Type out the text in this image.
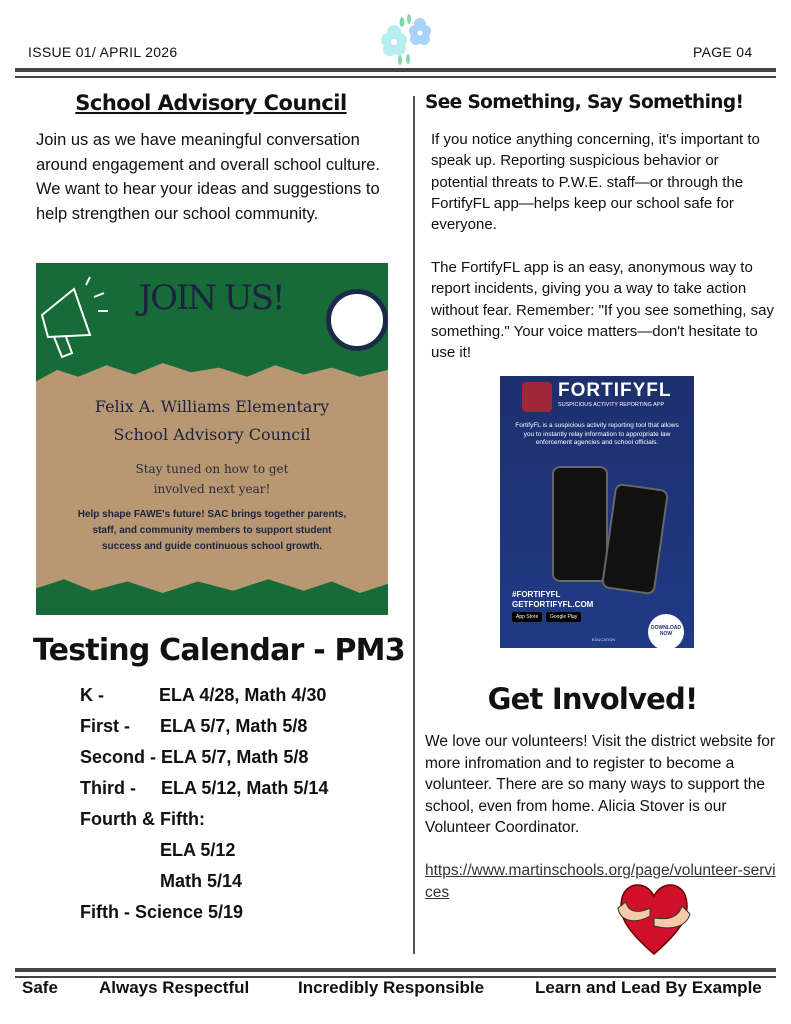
ISSUE 01/ APRIL 2026	PAGE 04
School Advisory Council
Join us as we have meaningful conversation around engagement and overall school culture. We want to hear your ideas and suggestions to help strengthen our school community.
JOIN US!
Felix A. Williams Elementary
School Advisory Council
Stay tuned on how to get involved next year!
Help shape FAWE's future! SAC brings together parents, staff, and community members to support student success and guide continuous school growth.
Testing Calendar - PM3
K -           ELA 4/28, Math 4/30
First -      ELA 5/7, Math 5/8
Second - ELA 5/7, Math 5/8
Third -     ELA 5/12, Math 5/14
Fourth & Fifth:
ELA 5/12
Math 5/14
Fifth - Science 5/19
See Something, Say Something!
If you notice anything concerning, it's important to speak up. Reporting suspicious behavior or potential threats to P.W.E. staff—or through the FortifyFL app—helps keep our school safe for everyone.
The FortifyFL app is an easy, anonymous way to report incidents, giving you a way to take action without fear. Remember: "If you see something, say something." Your voice matters—don't hesitate to use it!
FORTIFYFL
SUSPICIOUS ACTIVITY REPORTING APP
FortifyFL is a suspicious activity reporting tool that allows you to instantly relay information to appropriate law enforcement agencies and school officials.
#FORTIFYFL
GETFORTIFYFL.COM
App Store	Google Play
DOWNLOAD NOW
EDUCATION
Get Involved!
We love our volunteers! Visit the district website for more infromation and to register to become a volunteer. There are so many ways to support the school, even from home. Alicia Stover is our Volunteer Coordinator.
https://www.martinschools.org/page/volunteer-services
Safe Always Respectful	Incredibly Responsible	Learn and Lead By Example
